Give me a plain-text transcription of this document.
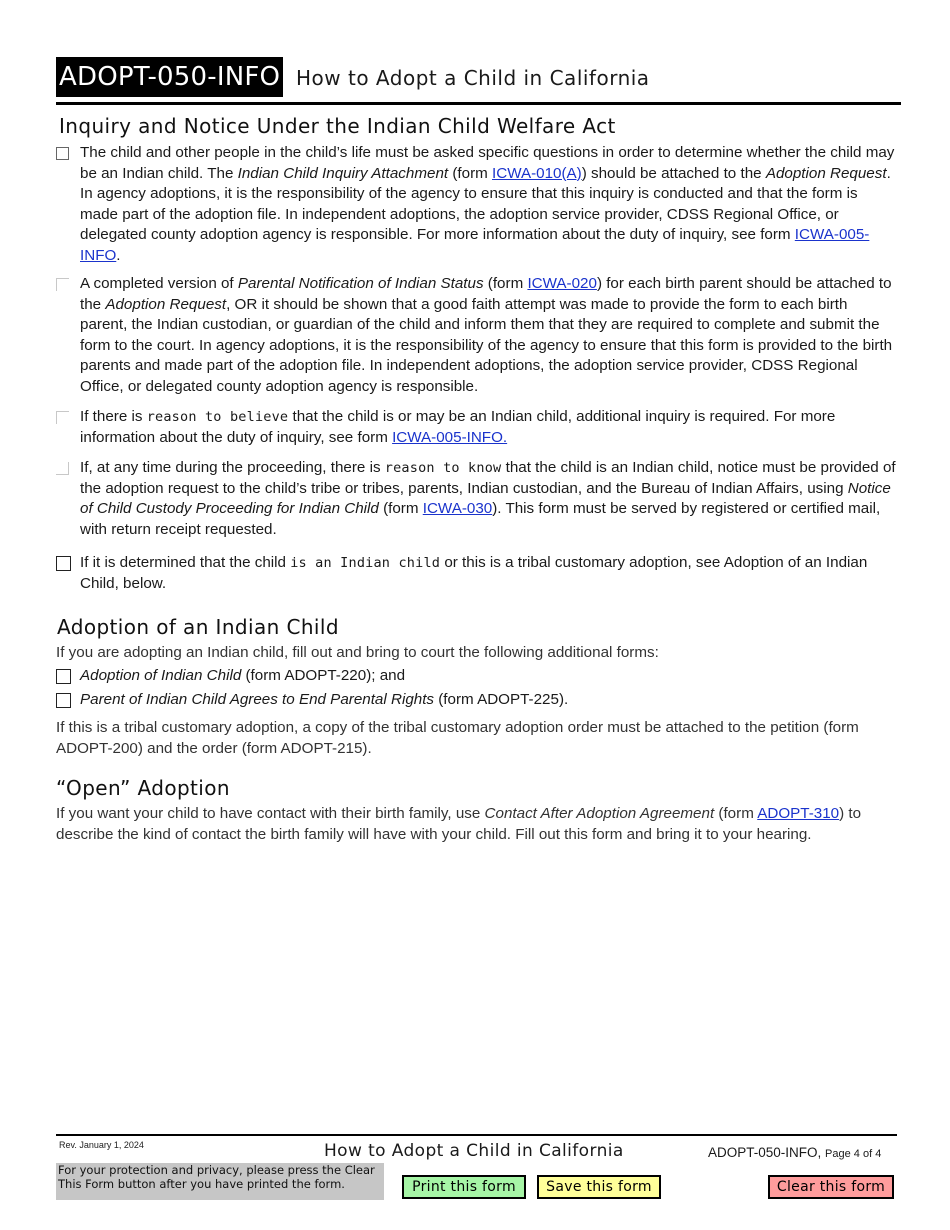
ADOPT-050-INFO How to Adopt a Child in California
Inquiry and Notice Under the Indian Child Welfare Act
The child and other people in the child’s life must be asked specific questions in order to determine whether the child may be an Indian child. The Indian Child Inquiry Attachment (form ICWA-010(A)) should be attached to the Adoption Request. In agency adoptions, it is the responsibility of the agency to ensure that this inquiry is conducted and that the form is made part of the adoption file. In independent adoptions, the adoption service provider, CDSS Regional Office, or delegated county adoption agency is responsible. For more information about the duty of inquiry, see form ICWA-005-INFO.
A completed version of Parental Notification of Indian Status (form ICWA-020) for each birth parent should be attached to the Adoption Request, OR it should be shown that a good faith attempt was made to provide the form to each birth parent, the Indian custodian, or guardian of the child and inform them that they are required to complete and submit the form to the court. In agency adoptions, it is the responsibility of the agency to ensure that this form is provided to the birth parents and made part of the adoption file. In independent adoptions, the adoption service provider, CDSS Regional Office, or delegated county adoption agency is responsible.
If there is reason to believe that the child is or may be an Indian child, additional inquiry is required. For more information about the duty of inquiry, see form ICWA-005-INFO.
If, at any time during the proceeding, there is reason to know that the child is an Indian child, notice must be provided of the adoption request to the child’s tribe or tribes, parents, Indian custodian, and the Bureau of Indian Affairs, using Notice of Child Custody Proceeding for Indian Child (form ICWA-030). This form must be served by registered or certified mail, with return receipt requested.
If it is determined that the child is an Indian child or this is a tribal customary adoption, see Adoption of an Indian Child, below.
Adoption of an Indian Child
If you are adopting an Indian child, fill out and bring to court the following additional forms:
Adoption of Indian Child (form ADOPT-220); and
Parent of Indian Child Agrees to End Parental Rights (form ADOPT-225).
If this is a tribal customary adoption, a copy of the tribal customary adoption order must be attached to the petition (form ADOPT-200) and the order (form ADOPT-215).
“Open” Adoption
If you want your child to have contact with their birth family, use Contact After Adoption Agreement (form ADOPT-310) to describe the kind of contact the birth family will have with your child. Fill out this form and bring it to your hearing.
Rev. January 1, 2024	How to Adopt a Child in California	ADOPT-050-INFO, Page 4 of 4
For your protection and privacy, please press the Clear This Form button after you have printed the form.	Print this form	Save this form	Clear this form
